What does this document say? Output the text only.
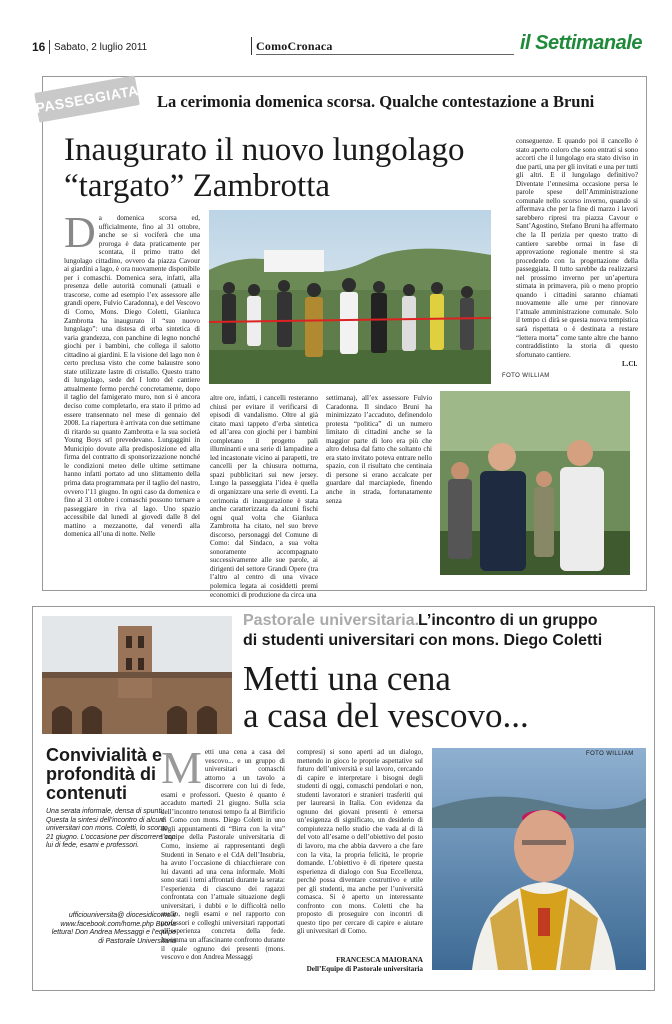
16 Sabato, 2 luglio 2011	ComoCronaca	il Settimanale
PASSEGGIATA La cerimonia domenica scorsa. Qualche contestazione a Bruni
Inaugurato il nuovo lungolago
“targato” Zambrotta
Da domenica scorsa ed, ufficialmente, fino al 31 ottobre, anche se si vociferà che una proroga è data praticamente per scontata, il primo tratto del lungolago cittadino, ovvero da piazza Cavour ai giardini a lago, è ora nuovamente disponibile per i comaschi. Domenica sera, infatti, alla presenza delle autorità comunali (attuali e trascorse, come ad esempio l’ex assessore alle grandi opere, Fulvio Caradonna), e del Vescovo di Como, Mons. Diego Coletti, Gianluca Zambrotta ha inaugurato il “suo nuovo lungolago”: una distesa di erba sintetica di varia grandezza, con panchine di legno nonché giochi per i bambini, che collega il salotto cittadino ai giardini. E la visione del lago non è certo preclusa visto che come balaustre sono state utilizzate lastre di cristallo. Questo tratto di lungolago, sede del I lotto del cantiere attualmente fermo perché concretamente, dopo il taglio del famigerato muro, non si è ancora deciso come completarlo, era stato il primo ad essere transennato nel mese di gennaio del 2008. La riapertura è arrivata con due settimane di ritardo su quanto Zambrotta e la sua società Young Boys srl prevedevano. Lungaggini in Municipio dovute alla predisposizione ed alla firma del contratto di sponsorizzazione nonché le condizioni meteo delle ultime settimane hanno infatti portato ad uno slittamento della prima data programmata per il taglio del nastro, ovvero l’11 giugno. In ogni caso da domenica e fino al 31 ottobre i comaschi possono tornare a passeggiare in riva al lago. Uno spazio accessibile dal lunedì al giovedì dalle 8 del mattino a mezzanotte, dal venerdì alla domenica all’una di notte. Nelle
L.Cl.
FOTO WILLIAM
altre ore, infatti, i cancelli resteranno chiusi per evitare il verificarsi di episodi di vandalismo. Oltre al già citato maxi tappeto d’erba sintetica ed all’area con giochi per i bambini completano il progetto pali illuminanti e una serie di lampadine a led incastonate vicino ai parapetti, tre cancelli per la chiusura notturna, spazi pubblicitari sui new jersey. Lungo la passeggiata l’idea è quella di organizzare una serie di eventi. La cerimonia di inaugurazione è stata anche caratterizzata da alcuni fischi ogni qual volta che Gianluca Zambrotta ha citato, nel suo breve discorso, personaggi del Comune di Como: dal Sindaco, a sua volta sonoramente accompagnato successivamente alle sue parole, ai dirigenti del settore Grandi Opere (tra l’altro al centro di una vivace polemica legata ai cosiddetti premi economici di produzione da circa una
settimana), all’ex assessore Fulvio Caradonna. Il sindaco Bruni ha minimizzato l’accaduto, definendolo protesta “politica” di un numero limitato di cittadini anche se la maggior parte di loro era più che altro delusa dal fatto che soltanto chi era stato invitato poteva entrare nello spazio, con il risultato che centinaia di persone si erano accalcate per guardare dal marciapiede, finendo anche in strada, fortunatamente senza
conseguenze. E quando poi il cancello è stato aperto coloro che sono entrati si sono accorti che il lungolago era stato diviso in due parti, una per gli invitati e una per tutti gli altri. E il lungolago definitivo? Diventate l’ennesima occasione persa le parole spese dell’Amministrazione comunale nello scorso inverno, quando si affermava che per la fine di marzo i lavori sarebbero ripresi tra piazza Cavour e Sant’Agostino, Stefano Bruni ha affermato che la II perizia per questo tratto di cantiere sarebbe ormai in fase di approvazione regionale mentre si sta procedendo con la progettazione della passeggiata. Il tutto sarebbe da realizzarsi nel prossimo inverno per un’apertura stimata in primavera, più o meno proprio quando i cittadini saranno chiamati nuovamente alle urne per rinnovare l’attuale amministrazione comunale. Solo il tempo ci dirà se questa nuova tempistica sarà rispettata o è destinata a restare “lettera morta” come tante altre che hanno contraddistinto la storia di questo sfortunato cantiere.
Pastorale universitaria.
L’incontro di un gruppo
di studenti universitari con mons. Diego Coletti
Metti una cena
a casa del vescovo...
Convivialità e profondità di contenuti
Una serata informale, densa di spunti. Questa la sintesi dell’incontro di alcuni universitari con mons. Coletti, lo scorso 21 giugno. L’occasione per discorrere con lui di fede, esami e professori.
ufficiouniversita@ diocesidicomo.it www.facebook.com/home.php Buona lettura! Don Andrea Messaggi e l’equipe di Pastorale Universitaria
Metti una cena a casa del vescovo... e un gruppo di universitari comaschi attorno a un tavolo a discorrere con lui di fede, esami e professori. Questo è quanto è accaduto martedì 21 giugno. Sulla scia dell’incontro tenutosi tempo fa al Birrificio di Como con mons. Diego Coletti in uno degli appuntamenti di “Birra con la vita” l’equipe della Pastorale universitaria di Como, insieme ai rappresentanti degli Studenti in Senato e el CdA dell’Insubria, ha avuto l’occasione di chiacchierare con lui davanti ad una cena informale. Molti sono stati i temi affrontati durante la serata: l’esperienza di ciascuno dei ragazzi confrontata con l’attuale situazione degli universitari, i dubbi e le difficoltà nello studio, negli esami e nel rapporto con professori e colleghi universitari rapportati all’esperienza concreta della fede. Insomma un affascinante confronto durante il quale ognuno dei presenti (mons. vescovo e don Andrea Messaggi
compresi) si sono aperti ad un dialogo, mettendo in gioco le proprie aspettative sul futuro dell’università e sul lavoro, cercando di capire e interpretare i bisogni degli studenti di oggi, comaschi pendolari e non, studenti lavoratori e stranieri trasferiti qui per laurearsi in Italia. Con evidenza da ognuno dei giovani presenti è emersa un’esigenza di significato, un desiderio di compiutezza nello studio che vada al di là del voto all’esame o dell’obiettivo del posto di lavoro, ma che abbia davvero a che fare con la vita, la propria felicità, le proprie domande. L’obiettivo è di ripetere questa esperienza di dialogo con Sua Eccellenza, perché possa diventare costruttivo e utile per gli studenti, ma anche per l’università comasca. Si è aperto un interessante confronto con mons. Coletti che ha proposto di proseguire con incontri di questo tipo per cercare di capire e aiutare gli universitari di Como.
FRANCESCA MAIORANA
Dell’Equipe di Pastorale universitaria
FOTO WILLIAM
